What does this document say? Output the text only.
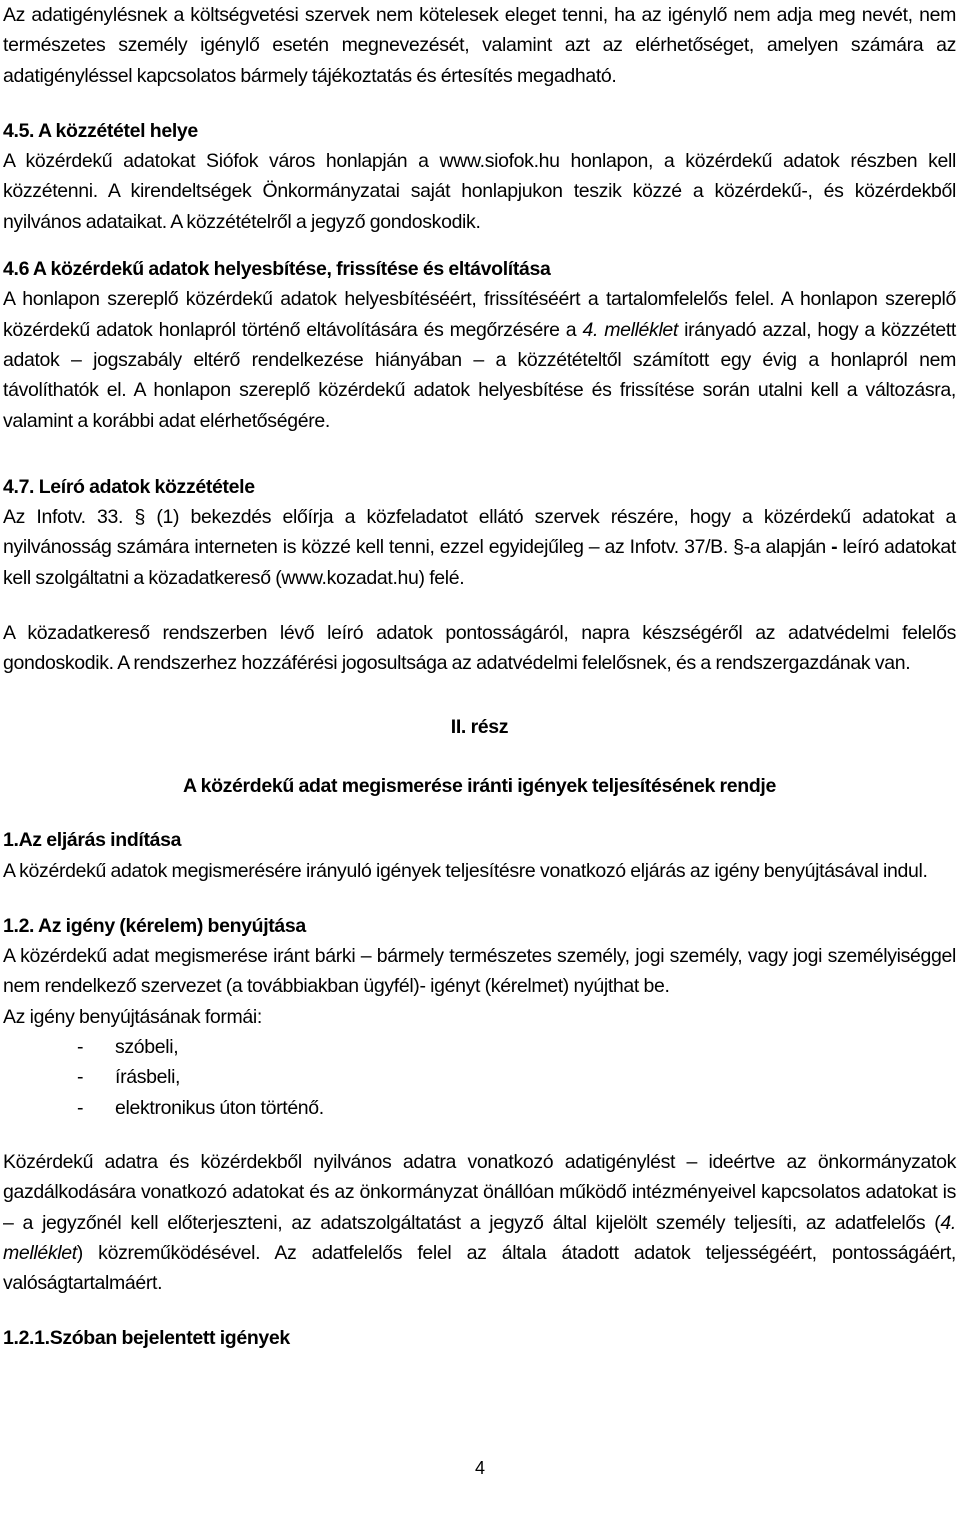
Az adatigénylésnek a költségvetési szervek nem kötelesek eleget tenni, ha az igénylő nem adja meg nevét, nem természetes személy igénylő esetén megnevezését, valamint azt az elérhetőséget, amelyen számára az adatigényléssel kapcsolatos bármely tájékoztatás és értesítés megadható.

4.5. A közzététel helye

A közérdekű adatokat Siófok város honlapján a www.siofok.hu honlapon, a közérdekű adatok részben kell közzétenni. A kirendeltségek Önkormányzatai saját honlapjukon teszik közzé a közérdekű-, és közérdekből nyilvános adataikat. A közzétételről a jegyző gondoskodik.

4.6 A közérdekű adatok helyesbítése, frissítése és eltávolítása

A honlapon szereplő közérdekű adatok helyesbítéséért, frissítéséért a tartalomfelelős felel. A honlapon szereplő közérdekű adatok honlapról történő eltávolítására és megőrzésére a 4. melléklet irányadó azzal, hogy a közzétett adatok – jogszabály eltérő rendelkezése hiányában – a közzétételtől számított egy évig a honlapról nem távolíthatók el. A honlapon szereplő közérdekű adatok helyesbítése és frissítése során utalni kell a változásra, valamint a korábbi adat elérhetőségére.

4.7. Leíró adatok közzététele

Az Infotv. 33. § (1) bekezdés előírja a közfeladatot ellátó szervek részére, hogy a közérdekű adatokat a nyilvánosság számára interneten is közzé kell tenni, ezzel egyidejűleg – az Infotv. 37/B. §-a alapján - leíró adatokat kell szolgáltatni a közadatkereső (www.kozadat.hu) felé.

A közadatkereső rendszerben lévő leíró adatok pontosságáról, napra készségéről az adatvédelmi felelős gondoskodik. A rendszerhez hozzáférési jogosultsága az adatvédelmi felelősnek, és a rendszergazdának van.

II. rész

A közérdekű adat megismerése iránti igények teljesítésének rendje

1.Az eljárás indítása

A közérdekű adatok megismerésére irányuló igények teljesítésre vonatkozó eljárás az igény benyújtásával indul.

1.2. Az igény (kérelem) benyújtása

A közérdekű adat megismerése iránt bárki – bármely természetes személy, jogi személy, vagy jogi személyiséggel nem rendelkező szervezet (a továbbiakban ügyfél)- igényt (kérelmet) nyújthat be.

Az igény benyújtásának formái:

- szóbeli,
- írásbeli,
- elektronikus úton történő.

Közérdekű adatra és közérdekből nyilvános adatra vonatkozó adatigénylést – ideértve az önkormányzatok gazdálkodására vonatkozó adatokat és az önkormányzat önállóan működő intézményeivel kapcsolatos adatokat is – a jegyzőnél kell előterjeszteni, az adatszolgáltatást a jegyző által kijelölt személy teljesíti, az adatfelelős (4. melléklet) közreműködésével. Az adatfelelős felel az általa átadott adatok teljességéért, pontosságáért, valóságtartalmáért.

1.2.1.Szóban bejelentett igények

4
